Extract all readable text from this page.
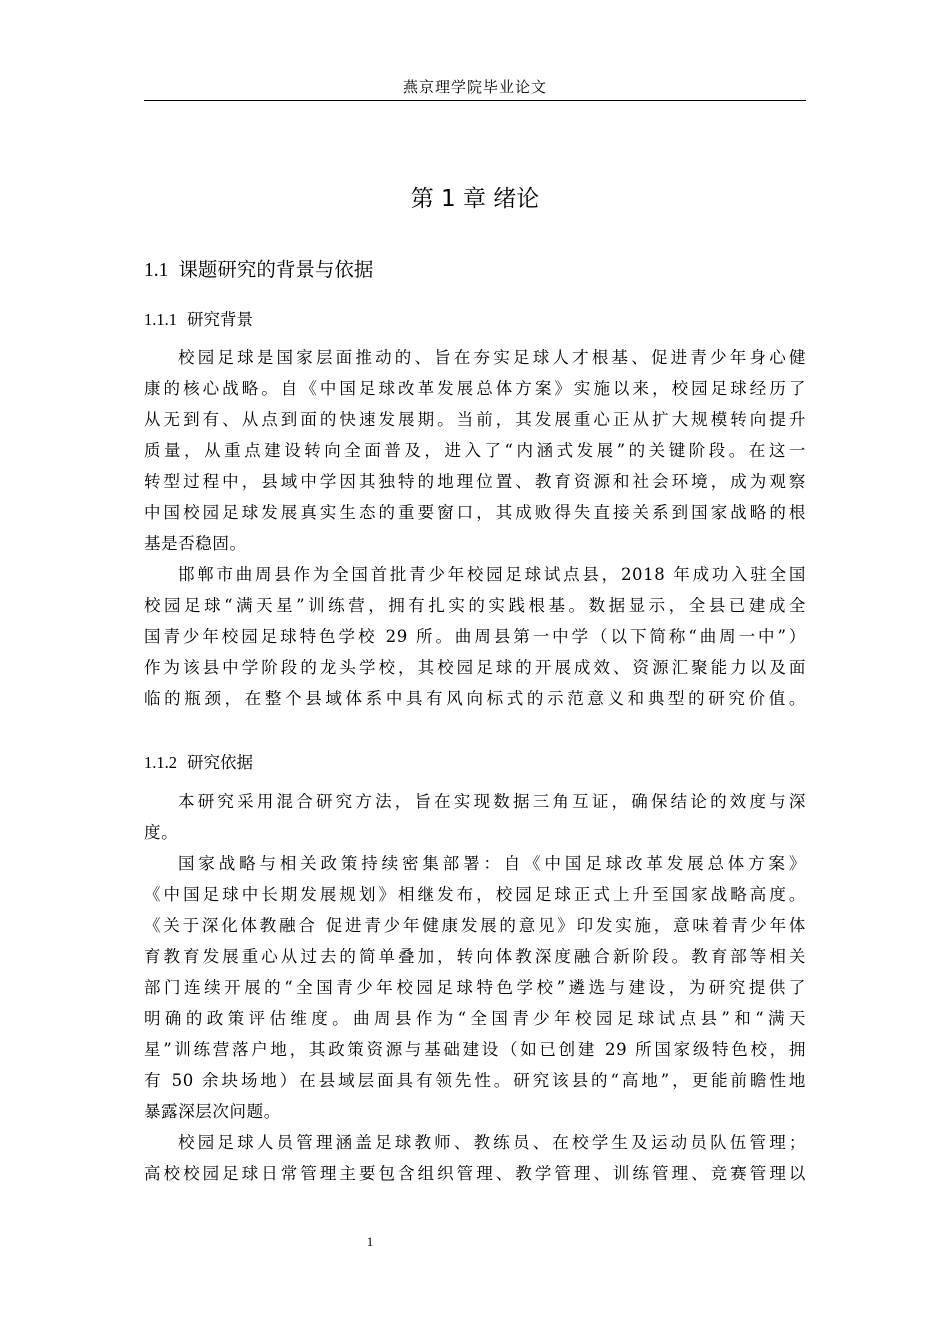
燕京理学院毕业论文
第 1 章 绪论
1.1 课题研究的背景与依据
1.1.1 研究背景
校园足球是国家层面推动的、旨在夯实足球人才根基、促进青少年身心健
康的核心战略。自《中国足球改革发展总体方案》实施以来，校园足球经历了
从无到有、从点到面的快速发展期。当前，其发展重心正从扩大规模转向提升
质量，从重点建设转向全面普及，进入了“内涵式发展”的关键阶段。在这一
转型过程中，县域中学因其独特的地理位置、教育资源和社会环境，成为观察
中国校园足球发展真实生态的重要窗口，其成败得失直接关系到国家战略的根
基是否稳固。
邯郸市曲周县作为全国首批青少年校园足球试点县，2018 年成功入驻全国
校园足球“满天星”训练营，拥有扎实的实践根基。数据显示，全县已建成全
国青少年校园足球特色学校 29 所。曲周县第一中学（以下简称“曲周一中”）
作为该县中学阶段的龙头学校，其校园足球的开展成效、资源汇聚能力以及面
临的瓶颈，在整个县域体系中具有风向标式的示范意义和典型的研究价值。
1.1.2 研究依据
本研究采用混合研究方法，旨在实现数据三角互证，确保结论的效度与深
度。
国家战略与相关政策持续密集部署：自《中国足球改革发展总体方案》
《中国足球中长期发展规划》相继发布，校园足球正式上升至国家战略高度。
《关于深化体教融合 促进青少年健康发展的意见》印发实施，意味着青少年体
育教育发展重心从过去的简单叠加，转向体教深度融合新阶段。教育部等相关
部门连续开展的“全国青少年校园足球特色学校”遴选与建设，为研究提供了
明确的政策评估维度。曲周县作为“全国青少年校园足球试点县”和“满天
星”训练营落户地，其政策资源与基础建设（如已创建 29 所国家级特色校，拥
有 50 余块场地）在县域层面具有领先性。研究该县的“高地”，更能前瞻性地
暴露深层次问题。
校园足球人员管理涵盖足球教师、教练员、在校学生及运动员队伍管理；
高校校园足球日常管理主要包含组织管理、教学管理、训练管理、竞赛管理以
1
